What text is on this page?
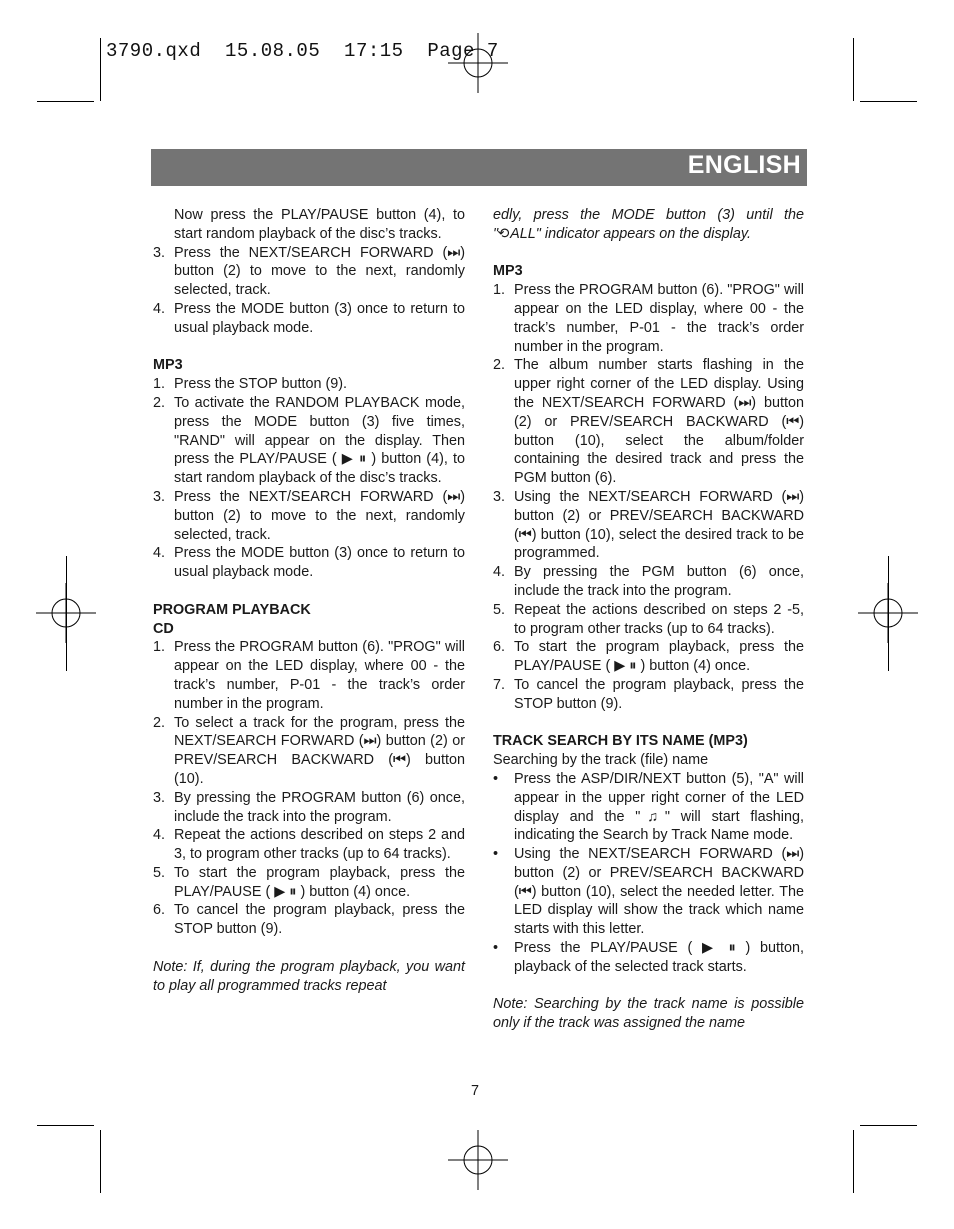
3790.qxd  15.08.05  17:15  Page 7
ENGLISH

Now press the PLAY/PAUSE button (4), to start random playback of the disc’s tracks.

3. Press the NEXT/SEARCH FORWARD (⏭) button (2) to move to the next, randomly selected, track.
4. Press the MODE button (3) once to return to usual playback mode.

MP3

1. Press the STOP button (9).
2. To activate the RANDOM PLAYBACK mode, press the MODE button (3) five times, "RAND" will appear on the display. Then press the PLAY/PAUSE ( ▶ ⏸ ) button (4), to start random playback of the disc’s tracks.
3. Press the NEXT/SEARCH FORWARD (⏭) button (2) to move to the next, randomly selected, track.
4. Press the MODE button (3) once to return to usual playback mode.

PROGRAM PLAYBACK

CD

1. Press the PROGRAM button (6). "PROG" will appear on the LED display, where 00 - the track’s number, P-01 - the track’s order number in the program.
2. To select a track for the program, press the NEXT/SEARCH FORWARD (⏭) button (2) or PREV/SEARCH BACKWARD (⏮) button (10).
3. By pressing the PROGRAM button (6) once, include the track into the program.
4. Repeat the actions described on steps 2 and 3, to program other tracks (up to 64 tracks).
5. To start the program playback, press the PLAY/PAUSE ( ▶ ⏸ ) button (4) once.
6. To cancel the program playback, press the STOP button (9).

Note: If, during the program playback, you want to play all programmed tracks repeat

edly, press the MODE button (3) until the "⟲ALL" indicator appears on the display.

MP3

1. Press the PROGRAM button (6). "PROG" will appear on the LED display, where 00 - the track’s number, P-01 - the track’s order number in the program.
2. The album number starts flashing in the upper right corner of the LED display. Using the NEXT/SEARCH FORWARD (⏭) button (2) or PREV/SEARCH BACKWARD (⏮) button (10), select the album/folder containing the desired track and press the PGM button (6).
3. Using the NEXT/SEARCH FORWARD (⏭) button (2) or PREV/SEARCH BACKWARD (⏮) button (10), select the desired track to be programmed.
4. By pressing the PGM button (6) once, include the track into the program.
5. Repeat the actions described on steps 2 -5, to program other tracks (up to 64 tracks).
6. To start the program playback, press the PLAY/PAUSE ( ▶ ⏸ ) button (4) once.
7. To cancel the program playback, press the STOP button (9).

TRACK SEARCH BY ITS NAME (MP3)

Searching by the track (file) name

•	Press the ASP/DIR/NEXT button (5), "A" will appear in the upper right corner of the LED display and the "♫" will start flashing, indicating the Search by Track Name mode.
•	Using the NEXT/SEARCH FORWARD (⏭) button (2) or PREV/SEARCH BACKWARD (⏮) button (10), select the needed letter. The LED display will show the track which name starts with this letter.
•	Press the PLAY/PAUSE ( ▶ ⏸ ) button, playback of the selected track starts.

Note: Searching by the track name is possible only if the track was assigned the name

7
